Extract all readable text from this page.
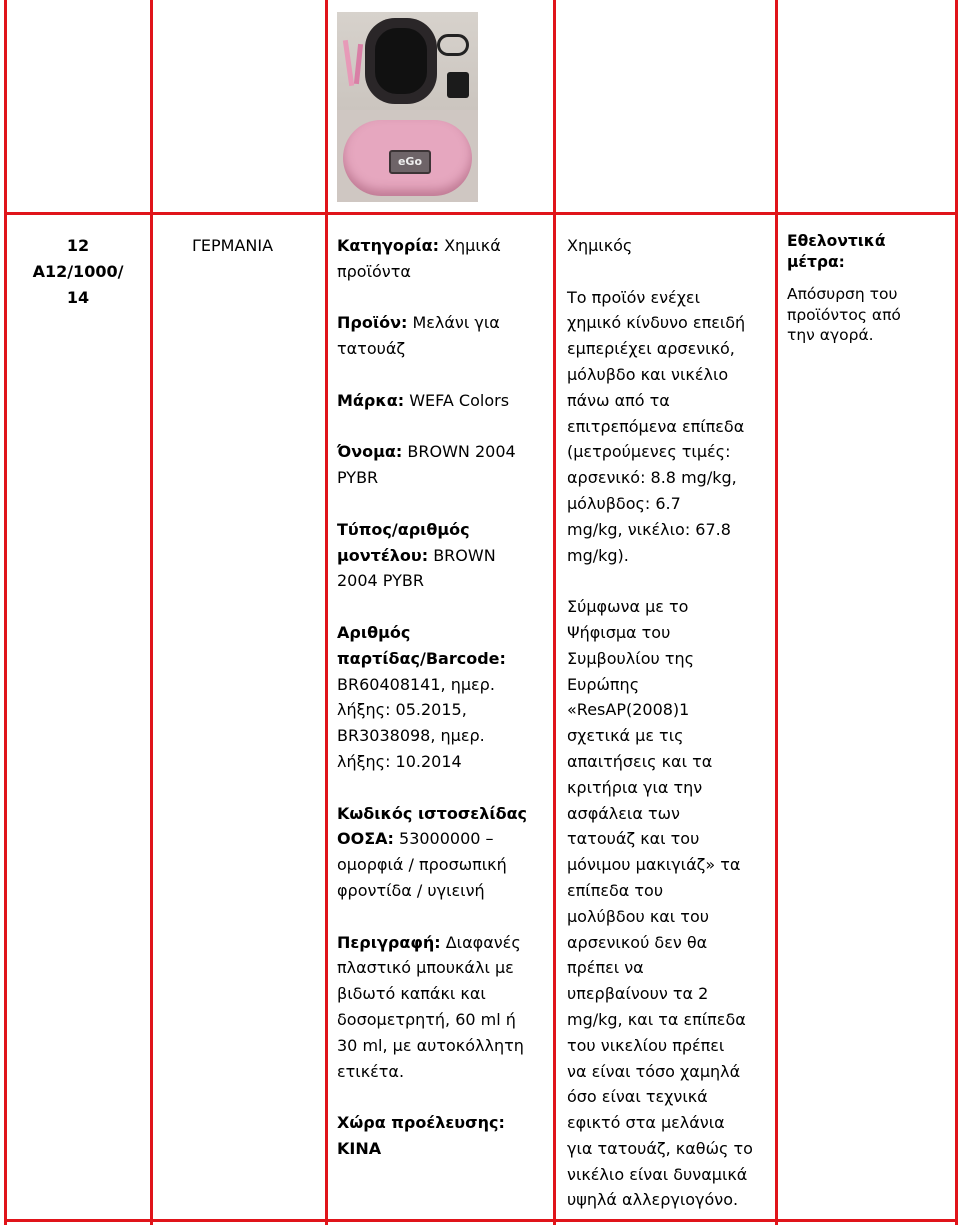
eGo
12
A12/1000/
14
ΓΕΡΜΑΝΙΑ	Κατηγορία: Χημικά
προϊόντα
Προϊόν: Μελάνι για
τατουάζ
Μάρκα: WEFA Colors
Όνομα: BROWN 2004
PYBR
Τύπος/αριθμός
μοντέλου: BROWN
2004 PYBR
Αριθμός
παρτίδας/Barcode:
BR60408141, ημερ.
λήξης: 05.2015,
BR3038098, ημερ.
λήξης: 10.2014
Κωδικός ιστοσελίδας
ΟΟΣΑ: 53000000 –
ομορφιά / προσωπική
φροντίδα / υγιεινή
Περιγραφή: Διαφανές
πλαστικό μπουκάλι με
βιδωτό καπάκι και
δοσομετρητή, 60 ml ή
30 ml, με αυτοκόλλητη
ετικέτα.
Χώρα προέλευσης:
ΚΙΝΑ
Χημικός
Το προϊόν ενέχει
χημικό κίνδυνο επειδή
εμπεριέχει αρσενικό,
μόλυβδο και νικέλιο
πάνω από τα
επιτρεπόμενα επίπεδα
(μετρούμενες τιμές:
αρσενικό: 8.8 mg/kg,
μόλυβδος: 6.7
mg/kg, νικέλιο: 67.8
mg/kg).
Σύμφωνα με το
Ψήφισμα του
Συμβουλίου της
Ευρώπης
«ResAP(2008)1
σχετικά με τις
απαιτήσεις και τα
κριτήρια για την
ασφάλεια των
τατουάζ και του
μόνιμου μακιγιάζ» τα
επίπεδα του
μολύβδου και του
αρσενικού δεν θα
πρέπει να
υπερβαίνουν τα 2
mg/kg, και τα επίπεδα
του νικελίου πρέπει
να είναι τόσο χαμηλά
όσο είναι τεχνικά
εφικτό στα μελάνια
για τατουάζ, καθώς το
νικέλιο είναι δυναμικά
υψηλά αλλεργιογόνο.
Εθελοντικά
μέτρα:
Απόσυρση του
προϊόντος από
την αγορά.
